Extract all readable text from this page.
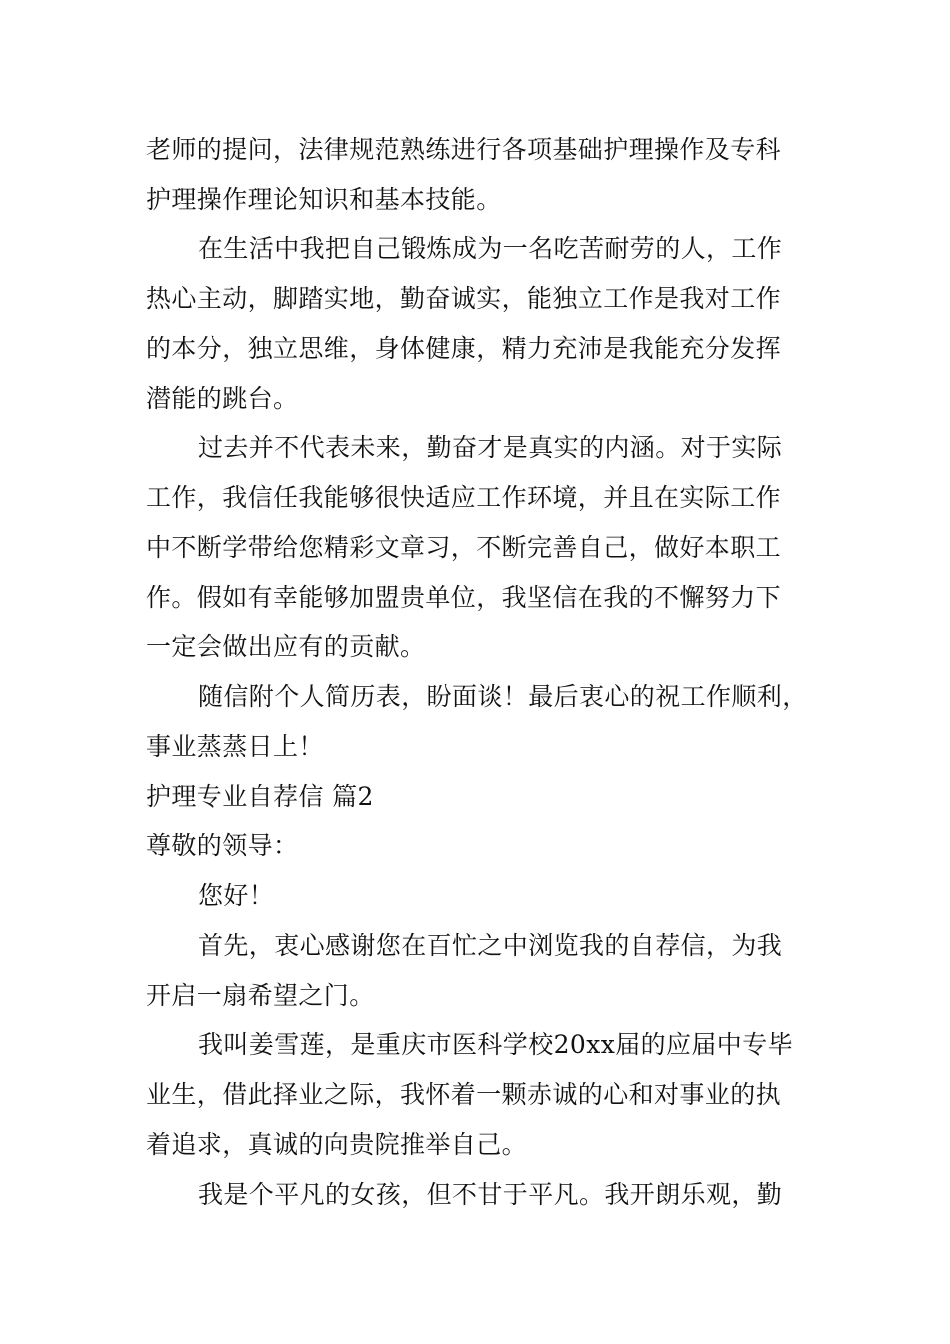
老师的提问，法律规范熟练进行各项基础护理操作及专科
护理操作理论知识和基本技能。
在生活中我把自己锻炼成为一名吃苦耐劳的人，工作
热心主动，脚踏实地，勤奋诚实，能独立工作是我对工作
的本分，独立思维，身体健康，精力充沛是我能充分发挥
潜能的跳台。
过去并不代表未来，勤奋才是真实的内涵。对于实际
工作，我信任我能够很快适应工作环境，并且在实际工作
中不断学带给您精彩文章习，不断完善自己，做好本职工
作。假如有幸能够加盟贵单位，我坚信在我的不懈努力下
一定会做出应有的贡献。
随信附个人简历表，盼面谈！最后衷心的祝工作顺利，
事业蒸蒸日上！
护理专业自荐信 篇2
尊敬的领导：
您好！
首先，衷心感谢您在百忙之中浏览我的自荐信，为我
开启一扇希望之门。
我叫姜雪莲，是重庆市医科学校20xx届的应届中专毕
业生，借此择业之际，我怀着一颗赤诚的心和对事业的执
着追求，真诚的向贵院推举自己。
我是个平凡的女孩，但不甘于平凡。我开朗乐观，勤
